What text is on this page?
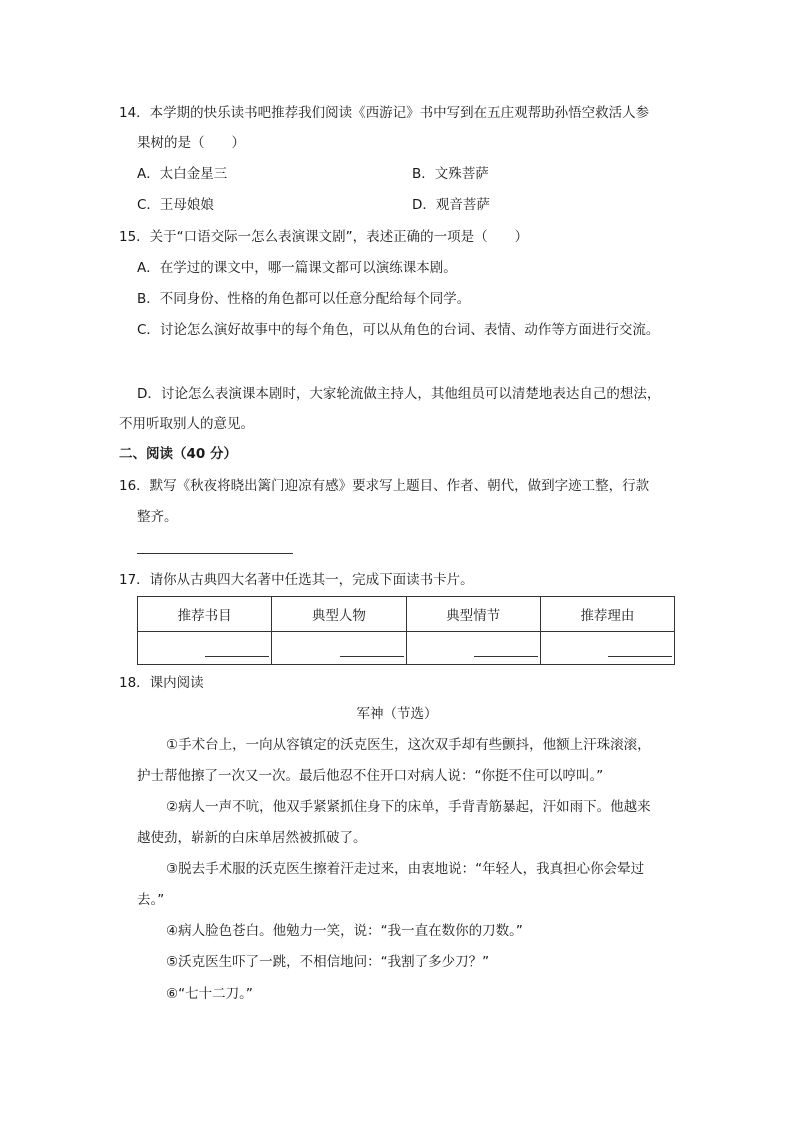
14．本学期的快乐读书吧推荐我们阅读《西游记》书中写到在五庄观帮助孙悟空救活人参
果树的是（　　）
A．太白金星三	B．文殊菩萨
C．王母娘娘	D．观音菩萨
15．关于“口语交际一怎么表演课文剧”，表述正确的一项是（　　）
A．在学过的课文中，哪一篇课文都可以演练课本剧。
B．不同身份、性格的角色都可以任意分配给每个同学。
C．讨论怎么演好故事中的每个角色，可以从角色的台词、表情、动作等方面进行交流。
D．讨论怎么表演课本剧时，大家轮流做主持人，其他组员可以清楚地表达自己的想法，
不用听取别人的意见。
二、阅读（40 分）
16．默写《秋夜将晓出篱门迎凉有感》要求写上题目、作者、朝代，做到字迹工整，行款
整齐。
17．请你从古典四大名著中任选其一，完成下面读书卡片。
推荐书目	典型人物	典型情节	推荐理由

18．课内阅读
军神（节选）
①手术台上，一向从容镇定的沃克医生，这次双手却有些颤抖，他额上汗珠滚滚，
护士帮他擦了一次又一次。最后他忍不住开口对病人说：“你挺不住可以哼叫。”
②病人一声不吭，他双手紧紧抓住身下的床单，手背青筋暴起，汗如雨下。他越来
越使劲，崭新的白床单居然被抓破了。
③脱去手术服的沃克医生擦着汗走过来，由衷地说：“年轻人，我真担心你会晕过
去。”
④病人脸色苍白。他勉力一笑，说：“我一直在数你的刀数。”
⑤沃克医生吓了一跳，不相信地问：“我割了多少刀？”
⑥“七十二刀。”
